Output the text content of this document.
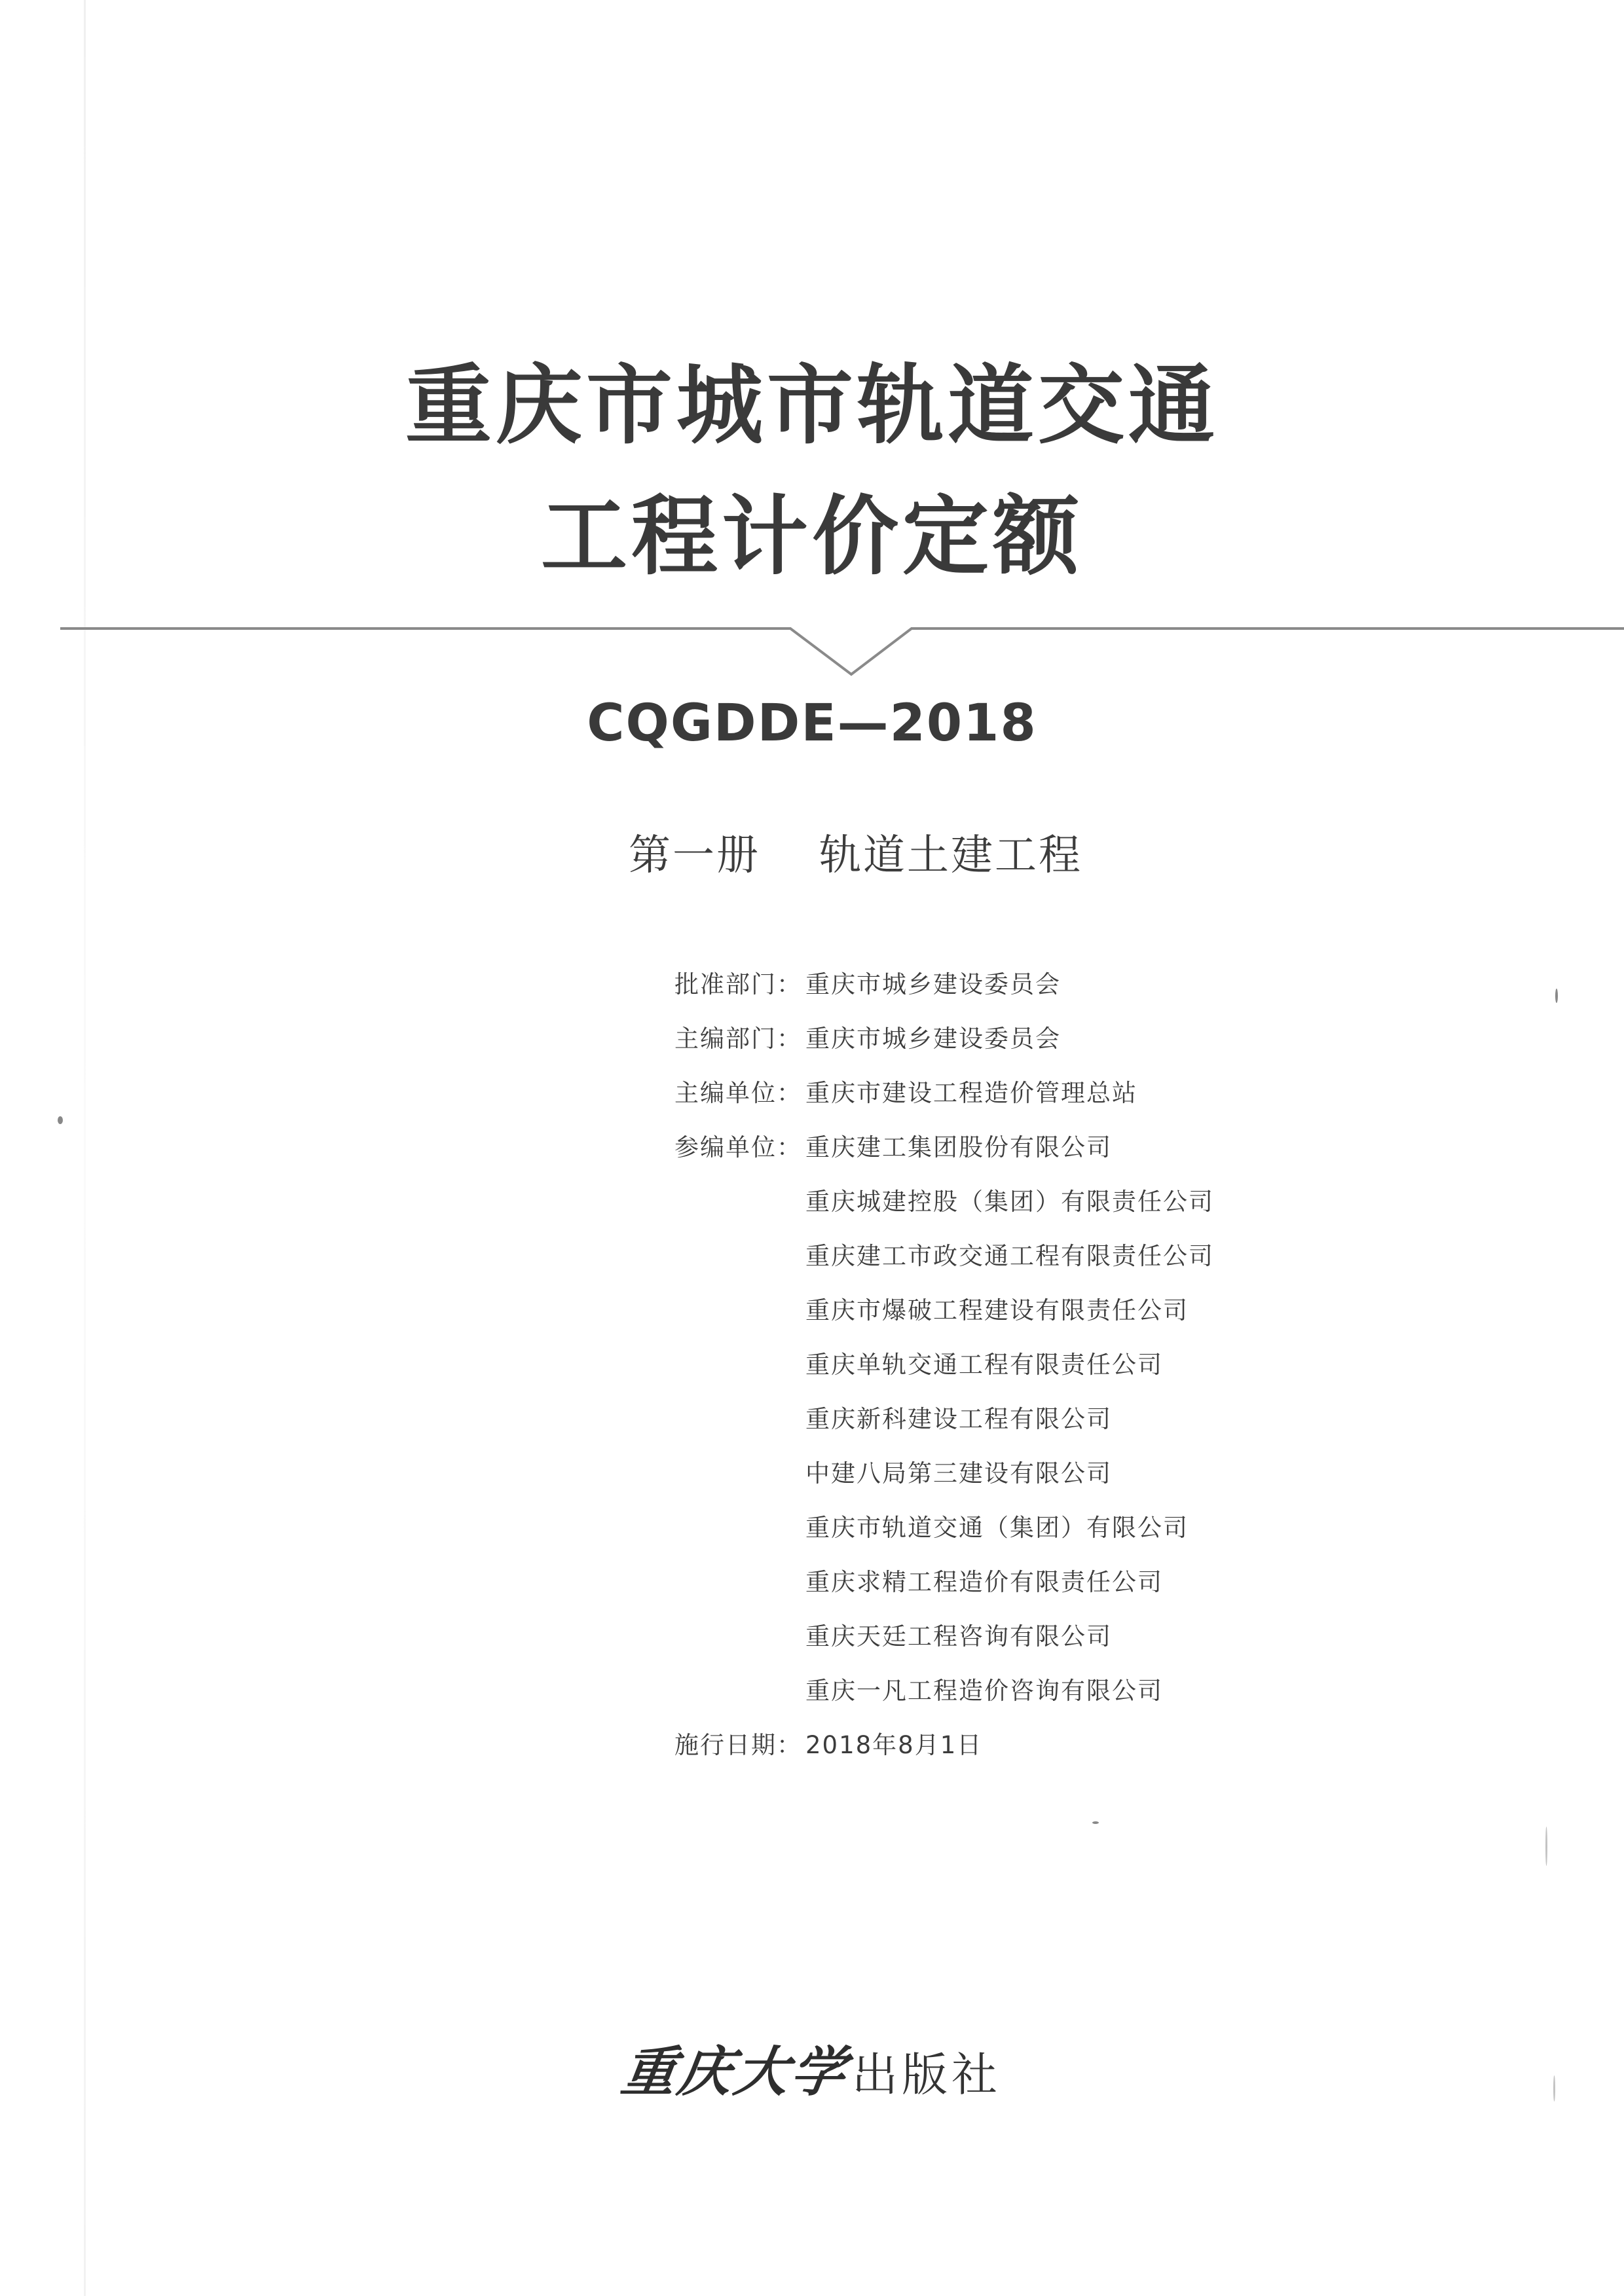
重庆市城市轨道交通
工程计价定额
CQGDDE—2018
第一册 轨道土建工程
批准部门： 重庆市城乡建设委员会
主编部门： 重庆市城乡建设委员会
主编单位： 重庆市建设工程造价管理总站
参编单位： 重庆建工集团股份有限公司
重庆城建控股（集团）有限责任公司
重庆建工市政交通工程有限责任公司
重庆市爆破工程建设有限责任公司
重庆单轨交通工程有限责任公司
重庆新科建设工程有限公司
中建八局第三建设有限公司
重庆市轨道交通（集团）有限公司
重庆求精工程造价有限责任公司
重庆天廷工程咨询有限公司
重庆一凡工程造价咨询有限公司
施行日期： 2018年8月1日
重庆大学出版社
